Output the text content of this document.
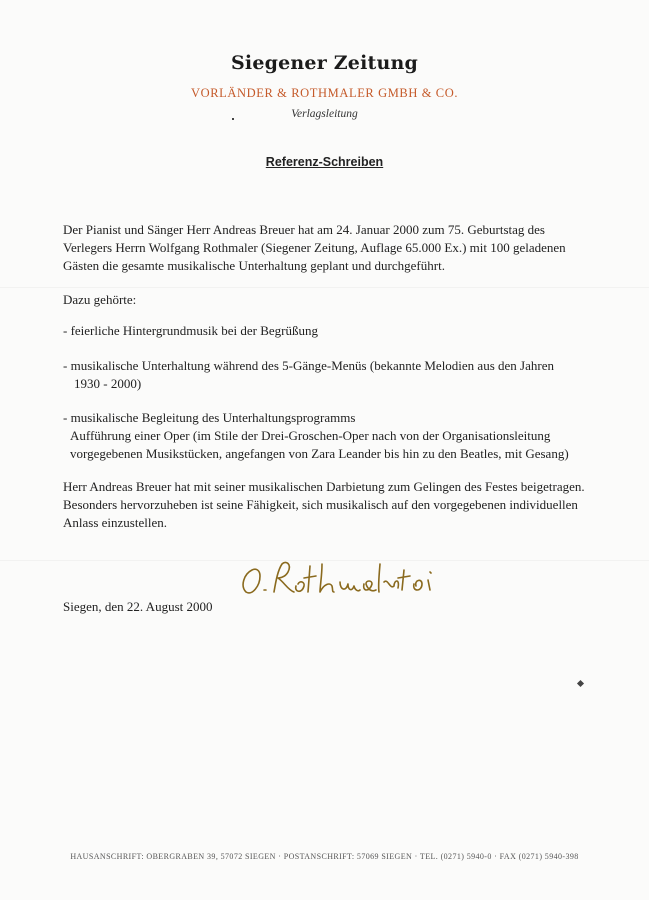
Siegener Zeitung
VORLÄNDER & ROTHMALER GMBH & CO.
Verlagsleitung
Referenz-Schreiben
Der Pianist und Sänger Herr Andreas Breuer hat am 24. Januar 2000 zum 75. Geburtstag des
Verlegers Herrn Wolfgang Rothmaler (Siegener Zeitung, Auflage 65.000 Ex.) mit 100 geladenen
Gästen die gesamte musikalische Unterhaltung geplant und durchgeführt.
Dazu gehörte:
- feierliche Hintergrundmusik bei der Begrüßung
- musikalische Unterhaltung während des 5-Gänge-Menüs (bekannte Melodien aus den Jahren
1930 - 2000)
- musikalische Begleitung des Unterhaltungsprogramms
Aufführung einer Oper (im Stile der Drei-Groschen-Oper nach von der Organisationsleitung
vorgegebenen Musikstücken, angefangen von Zara Leander bis hin zu den Beatles, mit Gesang)
Herr Andreas Breuer hat mit seiner musikalischen Darbietung zum Gelingen des Festes beigetragen.
Besonders hervorzuheben ist seine Fähigkeit, sich musikalisch auf den vorgegebenen individuellen
Anlass einzustellen.
Siegen, den 22. August 2000
HAUSANSCHRIFT: OBERGRABEN 39, 57072 SIEGEN · POSTANSCHRIFT: 57069 SIEGEN · TEL. (0271) 5940-0 · FAX (0271) 5940-398
